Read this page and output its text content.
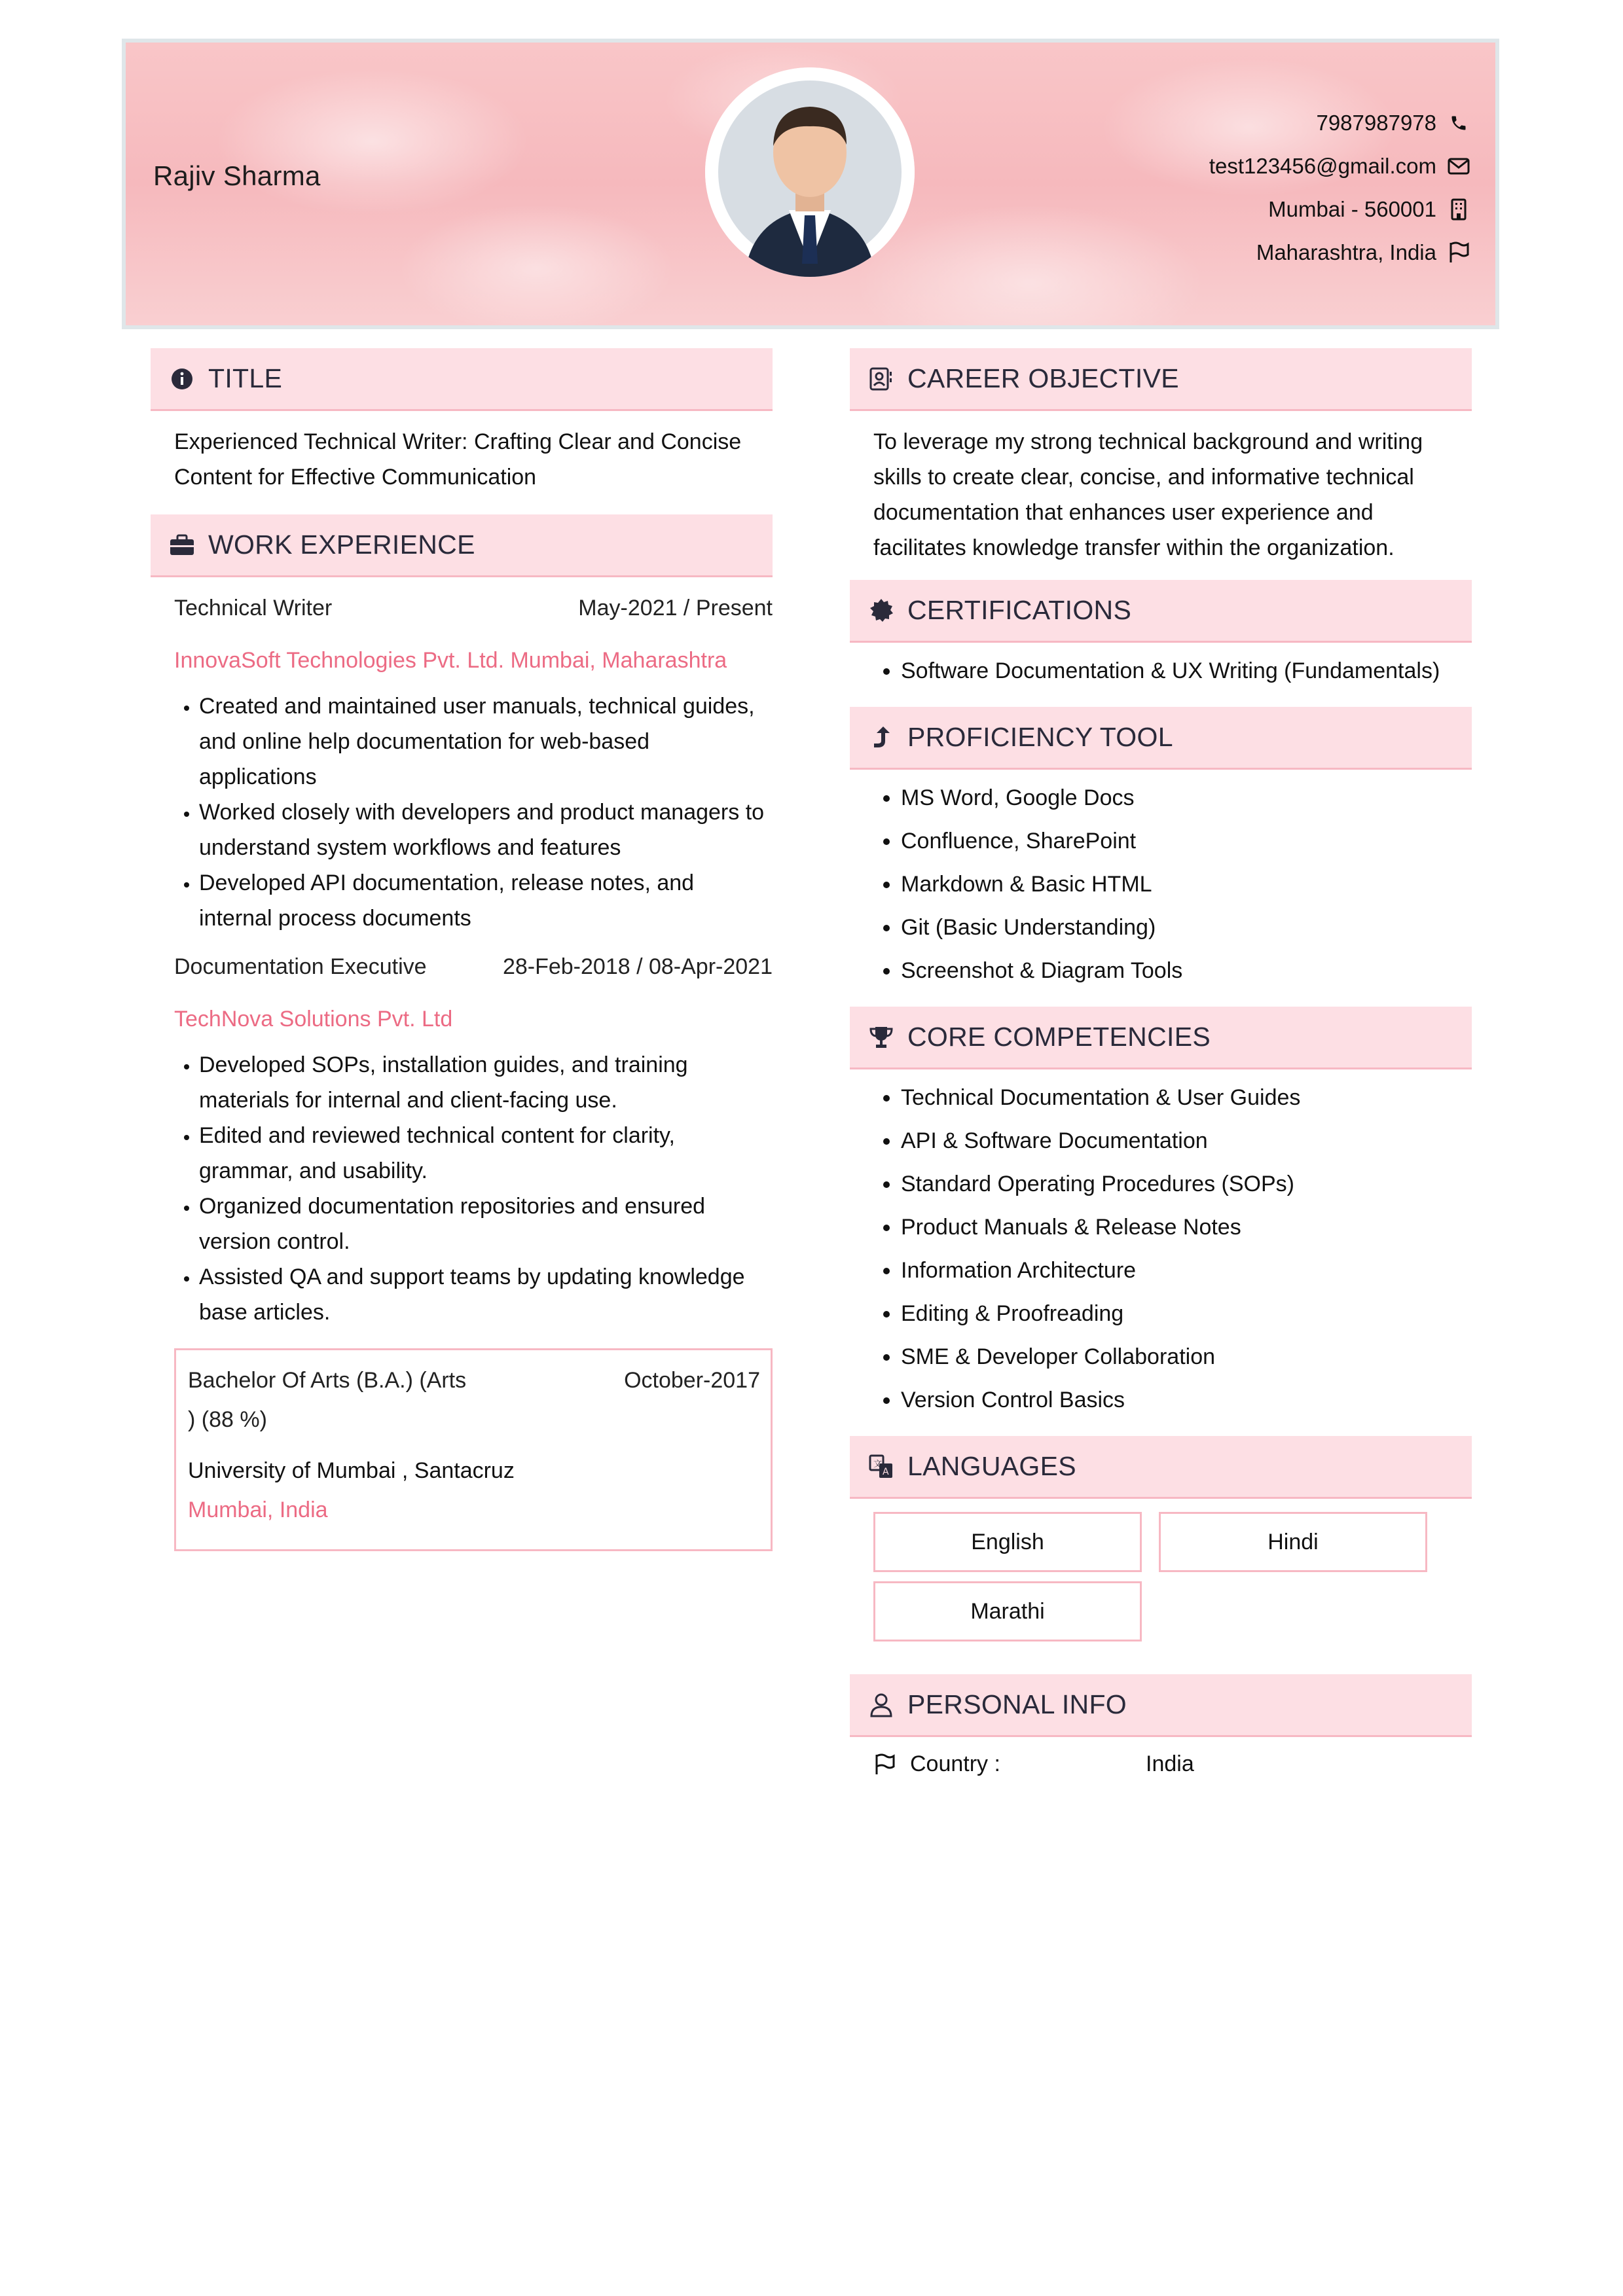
Rajiv Sharma
7987987978
test123456@gmail.com
Mumbai - 560001
Maharashtra, India
TITLE
Experienced Technical Writer: Crafting Clear and Concise Content for Effective Communication
WORK EXPERIENCE
Technical Writer	May-2021 / Present
InnovaSoft Technologies Pvt. Ltd. Mumbai, Maharashtra
• Created and maintained user manuals, technical guides, and online help documentation for web-based applications
• Worked closely with developers and product managers to understand system workflows and features
• Developed API documentation, release notes, and internal process documents
Documentation Executive	28-Feb-2018 / 08-Apr-2021
TechNova Solutions Pvt. Ltd
• Developed SOPs, installation guides, and training materials for internal and client-facing use.
• Edited and reviewed technical content for clarity, grammar, and usability.
• Organized documentation repositories and ensured version control.
• Assisted QA and support teams by updating knowledge base articles.
Bachelor Of Arts (B.A.) (Arts	October-2017
) (88 %)
University of Mumbai , Santacruz
Mumbai, India
CAREER OBJECTIVE
To leverage my strong technical background and writing skills to create clear, concise, and informative technical documentation that enhances user experience and facilitates knowledge transfer within the organization.
CERTIFICATIONS
• Software Documentation & UX Writing (Fundamentals)
PROFICIENCY TOOL
• MS Word, Google Docs
• Confluence, SharePoint
• Markdown & Basic HTML
• Git (Basic Understanding)
• Screenshot & Diagram Tools
CORE COMPETENCIES
• Technical Documentation & User Guides
• API & Software Documentation
• Standard Operating Procedures (SOPs)
• Product Manuals & Release Notes
• Information Architecture
• Editing & Proofreading
• SME & Developer Collaboration
• Version Control Basics
文
A LANGUAGES
English	Hindi
Marathi
PERSONAL INFO
Country :	India
